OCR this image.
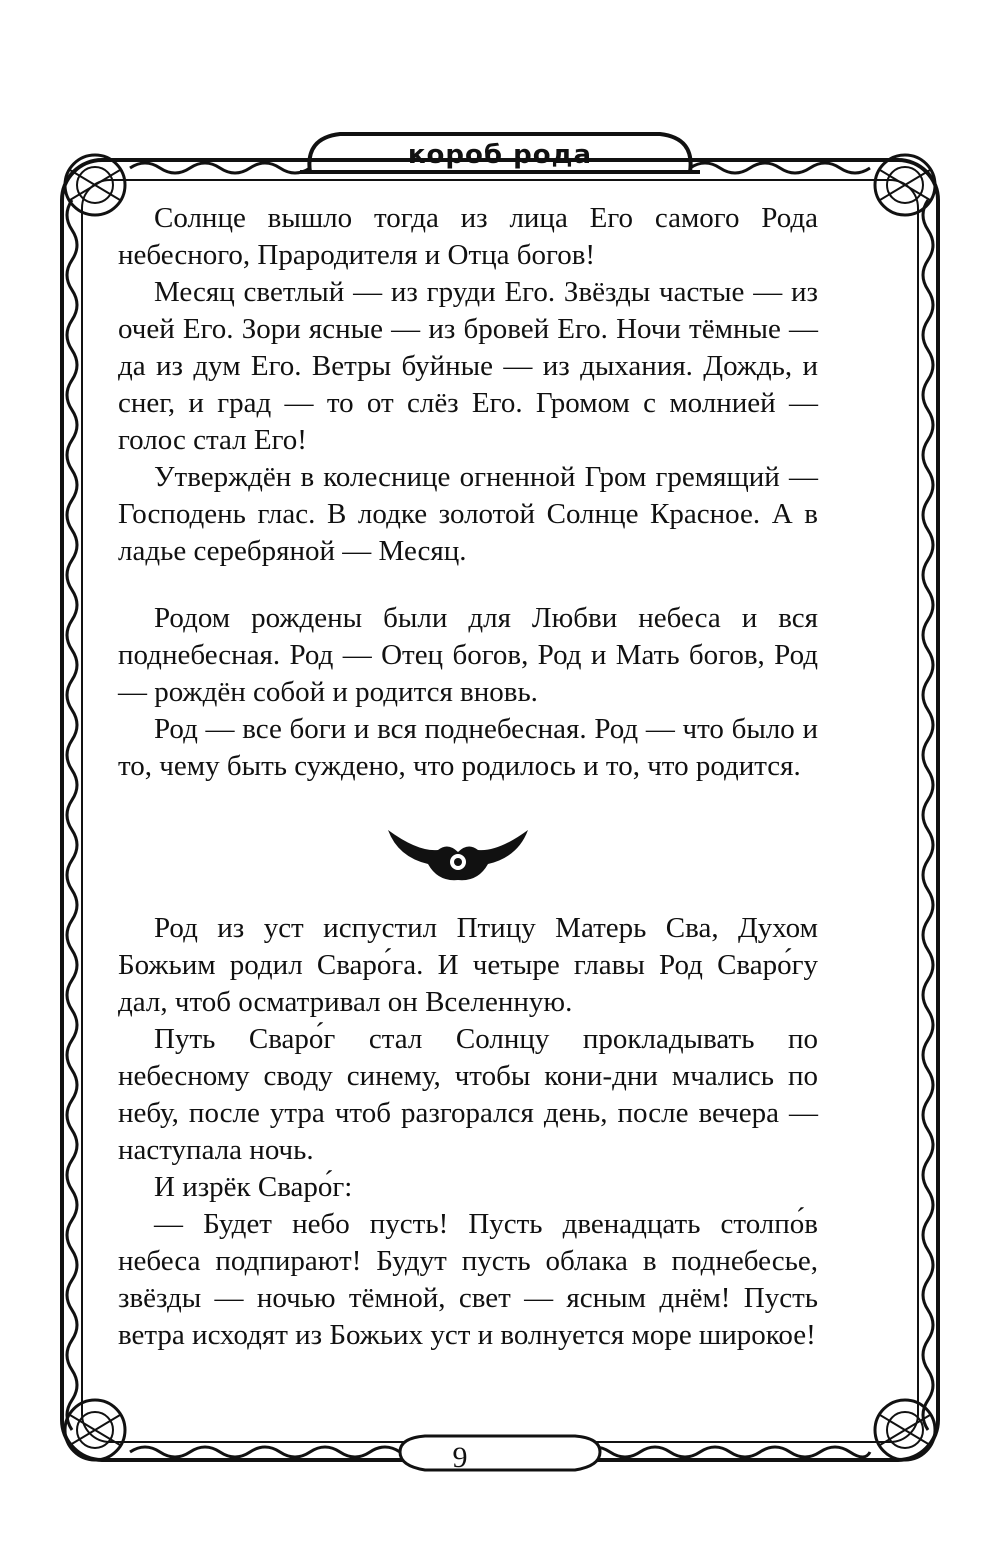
короб рода

Солнце вышло тогда из лица Его самого Рода небесного, Прародителя и Отца богов!

Месяц светлый — из груди Его. Звёзды частые — из очей Его. Зори ясные — из бровей Его. Ночи тёмные — да из дум Его. Ветры буйные — из дыхания. Дождь, и снег, и град — то от слёз Его. Громом с молнией — голос стал Его!

Утверждён в колеснице огненной Гром гремящий — Господень глас. В лодке золотой Солнце Красное. А в ладье серебряной — Месяц.

Родом рождены были для Любви небеса и вся поднебесная. Род — Отец богов, Род и Мать богов, Род — рождён собой и родится вновь.

Род — все боги и вся поднебесная. Род — что было и то, чему быть суждено, что родилось и то, что родится.

Род из уст испустил Птицу Матерь Сва, Духом Божьим родил Сваро́га. И четыре главы Род Сваро́гу дал, чтоб осматривал он Вселенную.

Путь Сваро́г стал Солнцу прокладывать по небесному своду синему, чтобы кони-дни мчались по небу, после утра чтоб разгорался день, после вечера — наступала ночь.

И изрёк Сваро́г:

— Будет небо пусть! Пусть двенадцать столпо́в небеса подпирают! Будут пусть облака в поднебесье, звёзды — ночью тёмной, свет — ясным днём! Пусть ветра исходят из Божьих уст и волнуется море широкое!

9
